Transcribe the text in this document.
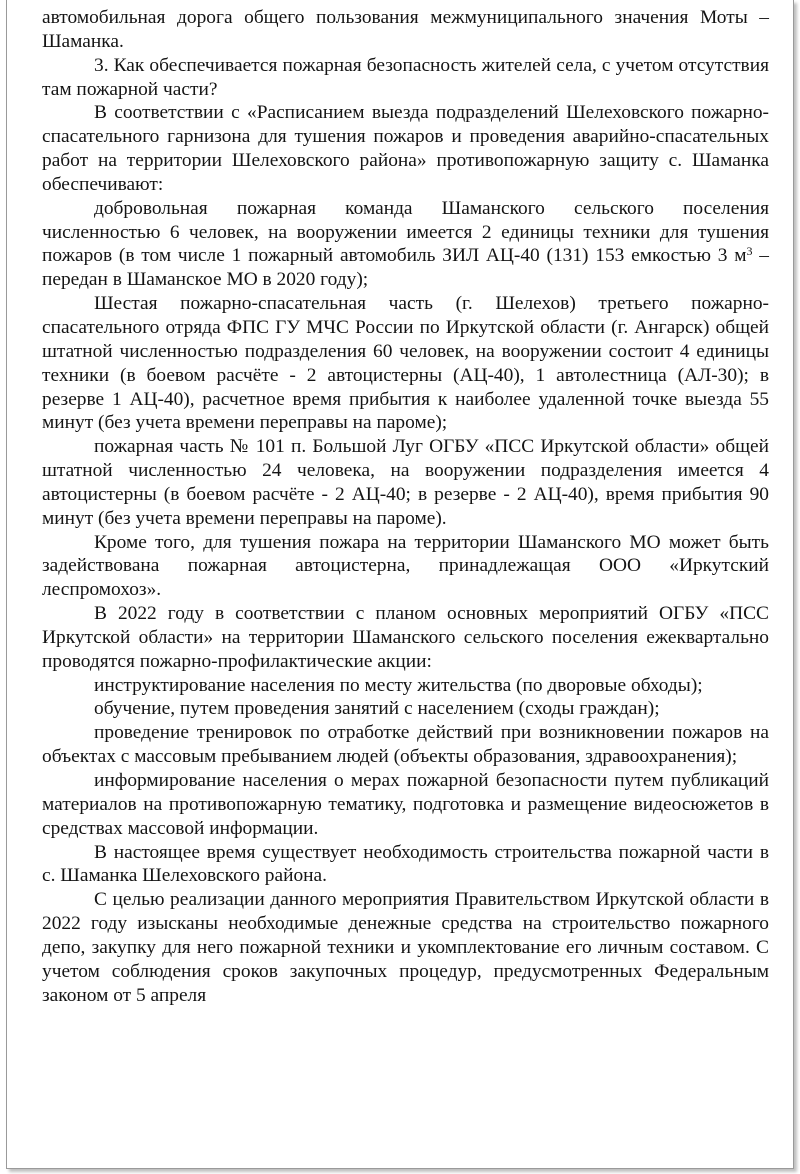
автомобильная дорога общего пользования межмуниципального значения Моты – Шаманка.

3. Как обеспечивается пожарная безопасность жителей села, с учетом отсутствия там пожарной части?

В соответствии с «Расписанием выезда подразделений Шелеховского пожарно-спасательного гарнизона для тушения пожаров и проведения аварийно-спасательных работ на территории Шелеховского района» противопожарную защиту с. Шаманка обеспечивают:

добровольная пожарная команда Шаманского сельского поселения численностью 6 человек, на вооружении имеется 2 единицы техники для тушения пожаров (в том числе 1 пожарный автомобиль ЗИЛ АЦ-40 (131) 153 емкостью 3 $м^3$ – передан в Шаманское МО в 2020 году);

Шестая пожарно-спасательная часть (г. Шелехов) третьего пожарно-спасательного отряда ФПС ГУ МЧС России по Иркутской области (г. Ангарск) общей штатной численностью подразделения 60 человек, на вооружении состоит 4 единицы техники (в боевом расчёте - 2 автоцистерны (АЦ-40), 1 автолестница (АЛ-30); в резерве 1 АЦ-40), расчетное время прибытия к наиболее удаленной точке выезда 55 минут (без учета времени переправы на пароме);

пожарная часть № 101 п. Большой Луг ОГБУ «ПСС Иркутской области» общей штатной численностью 24 человека, на вооружении подразделения имеется 4 автоцистерны (в боевом расчёте - 2 АЦ-40; в резерве - 2 АЦ-40), время прибытия 90 минут (без учета времени переправы на пароме).

Кроме того, для тушения пожара на территории Шаманского МО может быть задействована пожарная автоцистерна, принадлежащая ООО «Иркутский леспромохоз».

В 2022 году в соответствии с планом основных мероприятий ОГБУ «ПСС Иркутской области» на территории Шаманского сельского поселения ежеквартально проводятся пожарно-профилактические акции:

инструктирование населения по месту жительства (по дворовые обходы);

обучение, путем проведения занятий с населением (сходы граждан);

проведение тренировок по отработке действий при возникновении пожаров на объектах с массовым пребыванием людей (объекты образования, здравоохранения);

информирование населения о мерах пожарной безопасности путем публикаций материалов на противопожарную тематику, подготовка и размещение видеосюжетов в средствах массовой информации.

В настоящее время существует необходимость строительства пожарной части в с. Шаманка Шелеховского района.

С целью реализации данного мероприятия Правительством Иркутской области в 2022 году изысканы необходимые денежные средства на строительство пожарного депо, закупку для него пожарной техники и укомплектование его личным составом. С учетом соблюдения сроков закупочных процедур, предусмотренных Федеральным законом от 5 апреля
